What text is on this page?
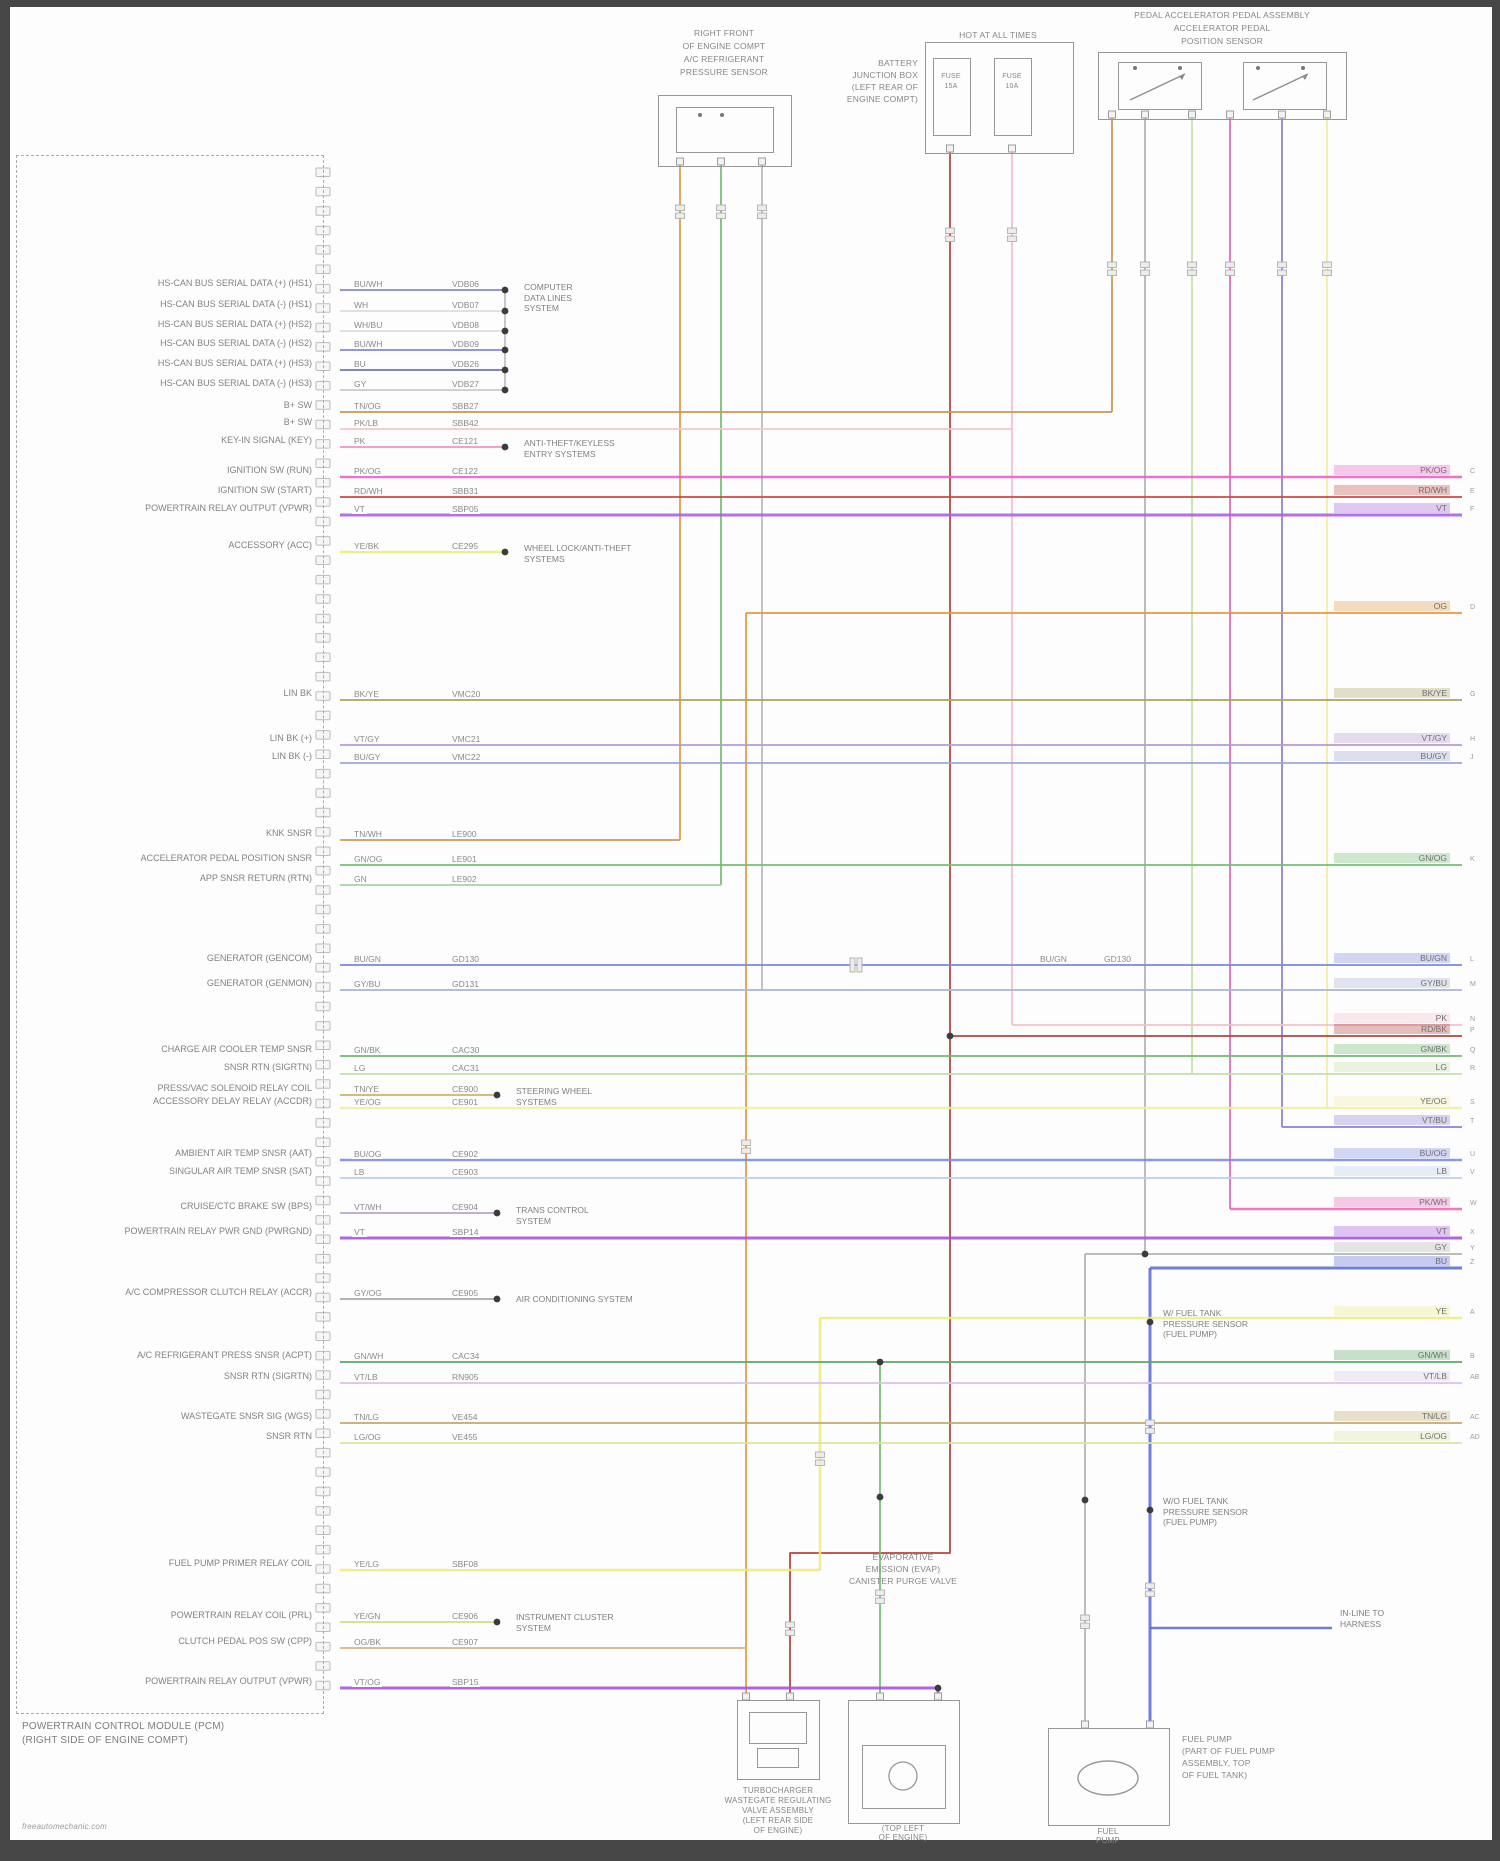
POWERTRAIN CONTROL MODULE (PCM)
(RIGHT SIDE OF ENGINE COMPT)
freeautomechanic.com
RIGHT FRONT
OF ENGINE COMPT
A/C REFRIGERANT
PRESSURE SENSOR
HOT AT ALL TIMES
BATTERY
JUNCTION BOX
(LEFT REAR OF
ENGINE COMPT)
FUSE
15A
FUSE
10A
PEDAL ACCELERATOR PEDAL ASSEMBLY
ACCELERATOR PEDAL
POSITION SENSOR
TURBOCHARGER
WASTEGATE REGULATING
VALVE ASSEMBLY
(LEFT REAR SIDE
OF ENGINE)
EVAPORATIVE
EMISSION (EVAP)
CANISTER PURGE VALVE
(TOP LEFT
OF ENGINE)
FUEL
PUMP
FUEL PUMP
(PART OF FUEL PUMP
ASSEMBLY, TOP
OF FUEL TANK)
HS-CAN BUS SERIAL DATA (+) (HS1)	BU/WH	VDB06
HS-CAN BUS SERIAL DATA (-) (HS1)	WH	VDB07
HS-CAN BUS SERIAL DATA (+) (HS2)	WH/BU	VDB08
HS-CAN BUS SERIAL DATA (-) (HS2)	BU/WH	VDB09
HS-CAN BUS SERIAL DATA (+) (HS3)	BU	VDB26
HS-CAN BUS SERIAL DATA (-) (HS3)	GY	VDB27
B+ SW	TN/OG	SBB27
B+ SW	PK/LB	SBB42
KEY-IN SIGNAL (KEY)	PK	CE121
IGNITION SW (RUN)	PK/OG	CE122	PK/OG	C
IGNITION SW (START)	RD/WH	SBB31	RD/WH	E
POWERTRAIN RELAY OUTPUT (VPWR)	VT	SBP05	VT	F
ACCESSORY (ACC)	YE/BK	CE295
OG	D
LIN BK	BK/YE	VMC20	BK/YE	G
LIN BK (+)	VT/GY	VMC21	VT/GY	H
LIN BK (-)	BU/GY	VMC22	BU/GY	J
KNK SNSR	TN/WH	LE900
ACCELERATOR PEDAL POSITION SNSR	GN/OG	LE901	GN/OG	K
APP SNSR RETURN (RTN)	GN	LE902
GENERATOR (GENCOM)	BU/GN	GD130	BU/GN	GD130	BU/GN	L
GENERATOR (GENMON)	GY/BU	GD131	GY/BU	M
PK	N
RD/BK	P
CHARGE AIR COOLER TEMP SNSR	GN/BK	CAC30	GN/BK	Q
SNSR RTN (SIGRTN)	LG	CAC31	LG	R
PRESS/VAC SOLENOID RELAY COIL	TN/YE	CE900
ACCESSORY DELAY RELAY (ACCDR)	YE/OG	CE901	YE/OG	S
VT/BU	T
AMBIENT AIR TEMP SNSR (AAT)	BU/OG	CE902	BU/OG	U
SINGULAR AIR TEMP SNSR (SAT)	LB	CE903	LB	V
PK/WH	W
CRUISE/CTC BRAKE SW (BPS)	VT/WH	CE904
POWERTRAIN RELAY PWR GND (PWRGND)	VT	SBP14	VT	X
GY	Y
BU	Z
A/C COMPRESSOR CLUTCH RELAY (ACCR)	GY/OG	CE905
YE	A
A/C REFRIGERANT PRESS SNSR (ACPT)	GN/WH	CAC34	GN/WH	B
SNSR RTN (SIGRTN)	VT/LB	RN905	VT/LB	AB
WASTEGATE SNSR SIG (WGS)	TN/LG	VE454	TN/LG	AC
SNSR RTN	LG/OG	VE455	LG/OG	AD
FUEL PUMP PRIMER RELAY COIL	YE/LG	SBF08
POWERTRAIN RELAY COIL (PRL)	YE/GN	CE906
CLUTCH PEDAL POS SW (CPP)	OG/BK	CE907
POWERTRAIN RELAY OUTPUT (VPWR)	VT/OG	SBP15
COMPUTER
DATA LINES
SYSTEM
ANTI-THEFT/KEYLESS
ENTRY SYSTEMS
WHEEL LOCK/ANTI-THEFT
SYSTEMS
STEERING WHEEL
SYSTEMS
TRANS CONTROL
SYSTEM
AIR CONDITIONING SYSTEM
INSTRUMENT CLUSTER
SYSTEM
W/ FUEL TANK
PRESSURE SENSOR
(FUEL PUMP)
W/O FUEL TANK
PRESSURE SENSOR
(FUEL PUMP)
IN-LINE TO
HARNESS
